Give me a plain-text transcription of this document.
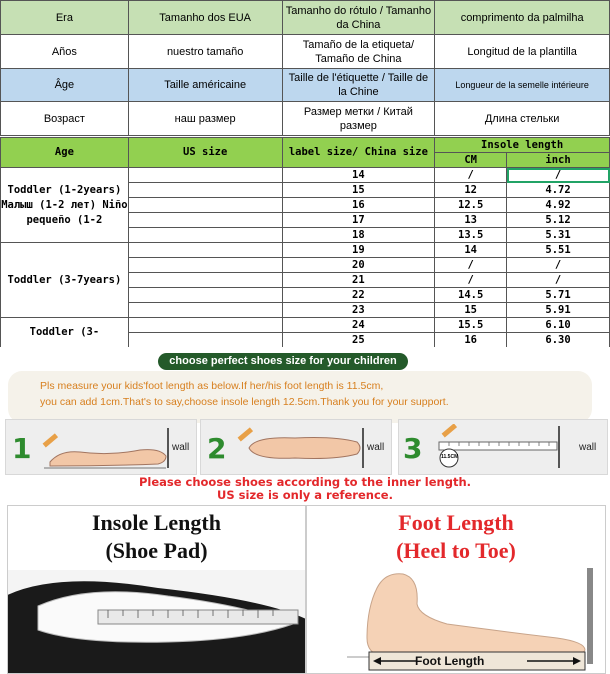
Era	Tamanho dos EUA	Tamanho do rótulo / Tamanho da China	comprimento da palmilha
Años	nuestro tamaño	Tamaño de la etiqueta/ Tamaño de China	Longitud de la plantilla
Âge	Taille américaine	Taille de l'étiquette / Taille de la Chine	Longueur de la semelle intérieure
Возраст	наш размер	Размер метки / Китай размер	Длина стельки
Age	US size	label size/ China size	Insole length	
			CM	inch
Toddler (1-2years) Малыш (1-2 лет) Niño pequeño (1-2		14	/	/
		15	12	4.72
		16	12.5	4.92
		17	13	5.12
		18	13.5	5.31
Toddler (3-7years)		19	14	5.51
		20	/	/
		21	/	/
		22	14.5	5.71
		23	15	5.91
Toddler (3-		24	15.5	6.10
		25	16	6.30
choose perfect shoes size for your children
Pls measure your kids'foot length as below.If her/his foot length is 11.5cm,
you can add 1cm.That's to say,choose insole length 12.5cm.Thank you for your support.
1	wall 2	wall 3	11.5CM
wall
Please choose shoes according to the inner length.
US size is only a reference.
Insole Length
(Shoe Pad)
Foot Length
(Heel to Toe)
Foot Length
